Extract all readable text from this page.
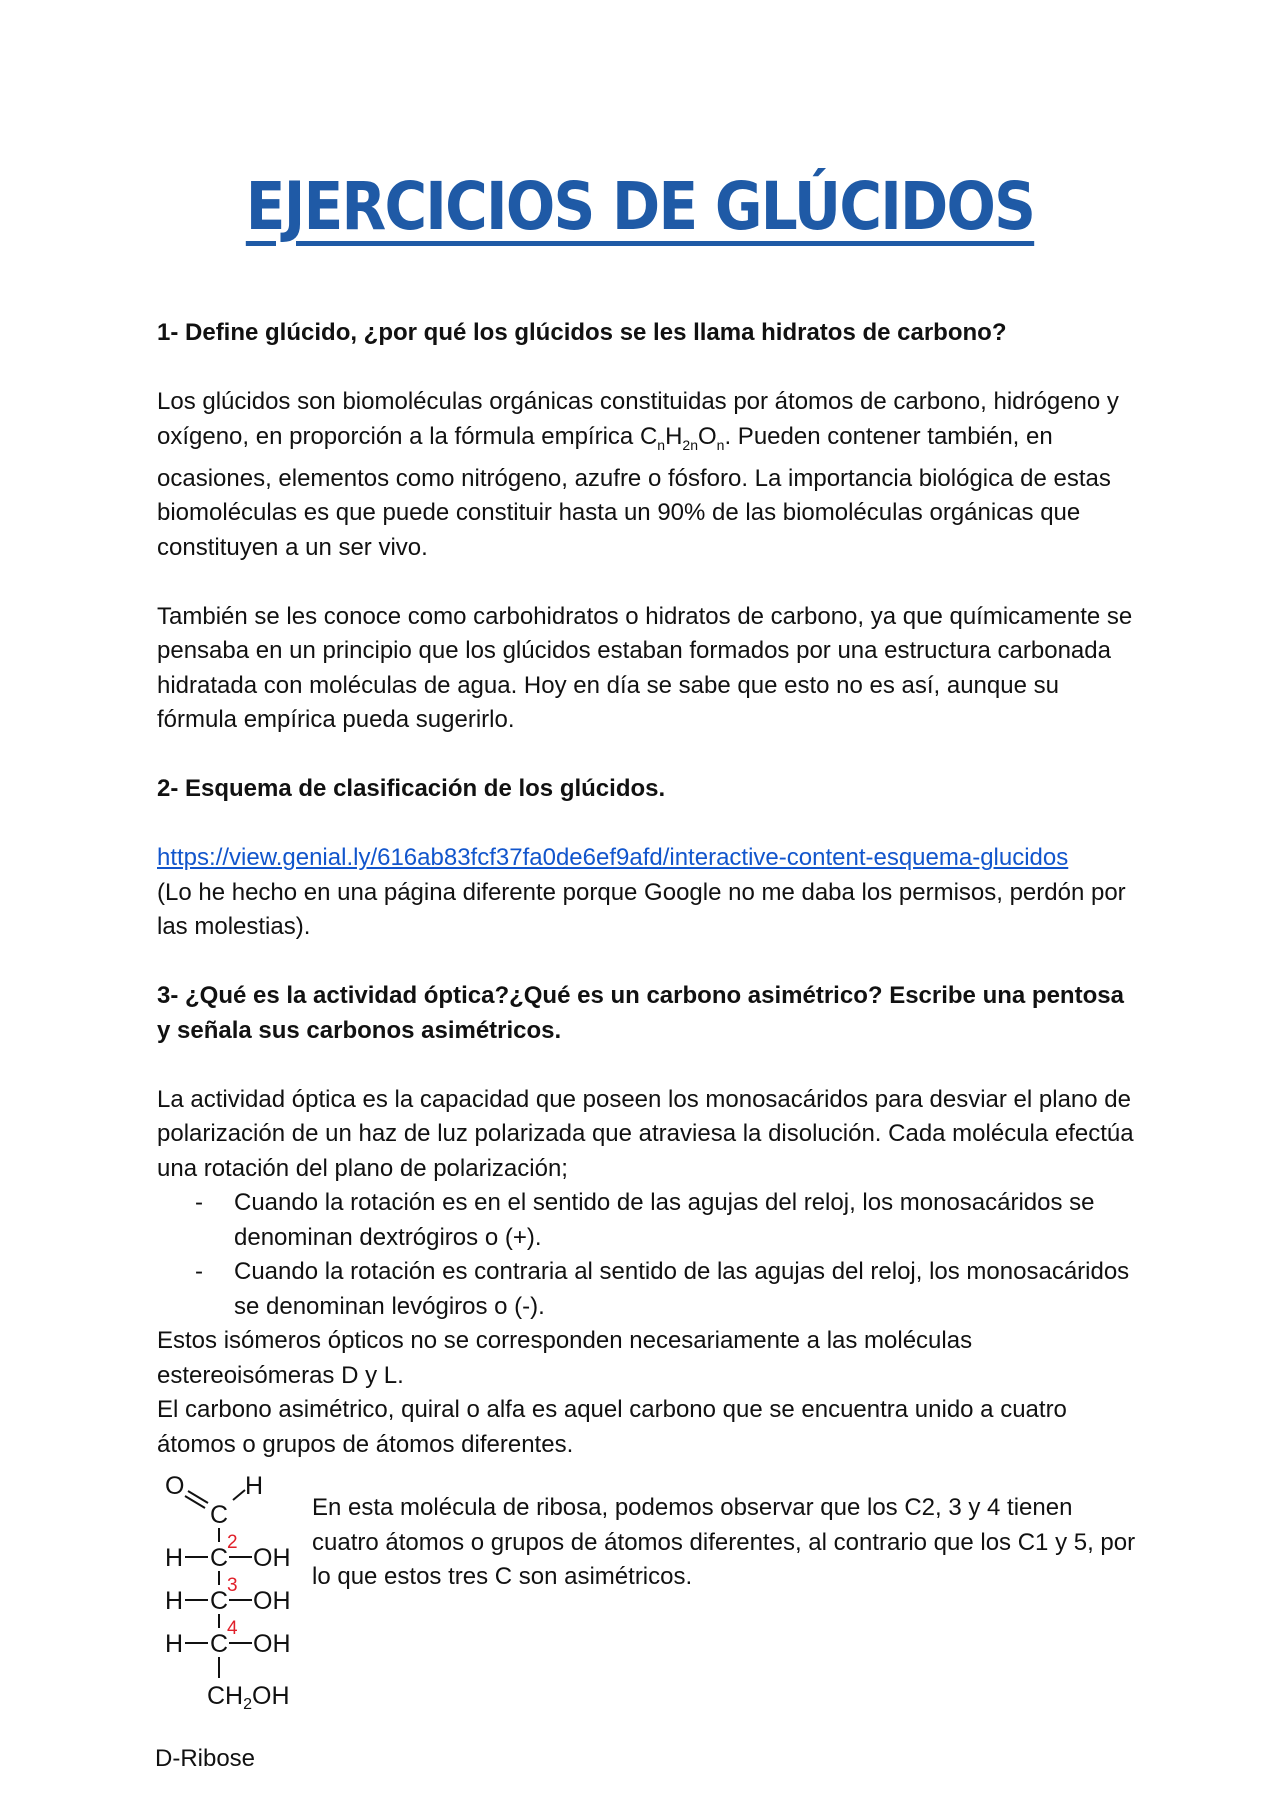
EJERCICIOS DE GLÚCIDOS

1- Define glúcido, ¿por qué los glúcidos se les llama hidratos de carbono?

Los glúcidos son biomoléculas orgánicas constituidas por átomos de carbono, hidrógeno y oxígeno, en proporción a la fórmula empírica $C_nH_{2n}O_n$. Pueden contener también, en ocasiones, elementos como nitrógeno, azufre o fósforo. La importancia biológica de estas biomoléculas es que puede constituir hasta un 90% de las biomoléculas orgánicas que constituyen a un ser vivo.

También se les conoce como carbohidratos o hidratos de carbono, ya que químicamente se pensaba en un principio que los glúcidos estaban formados por una estructura carbonada hidratada con moléculas de agua. Hoy en día se sabe que esto no es así, aunque su fórmula empírica pueda sugerirlo.

2- Esquema de clasificación de los glúcidos.

https://view.genial.ly/616ab83fcf37fa0de6ef9afd/interactive-content-esquema-glucidos

(Lo he hecho en una página diferente porque Google no me daba los permisos, perdón por las molestias).

3- ¿Qué es la actividad óptica?¿Qué es un carbono asimétrico? Escribe una pentosa y señala sus carbonos asimétricos.

La actividad óptica es la capacidad que poseen los monosacáridos para desviar el plano de polarización de un haz de luz polarizada que atraviesa la disolución. Cada molécula efectúa una rotación del plano de polarización;

- Cuando la rotación es en el sentido de las agujas del reloj, los monosacáridos se denominan dextrógiros o (+).
- Cuando la rotación es contraria al sentido de las agujas del reloj, los monosacáridos se denominan levógiros o (-).

Estos isómeros ópticos no se corresponden necesariamente a las moléculas estereoisómeras D y L.

El carbono asimétrico, quiral o alfa es aquel carbono que se encuentra unido a cuatro átomos o grupos de átomos diferentes.

O H
C
H C
2
OH
H C
3
OH
H C
4
OH
$CH_2OH$
D-Ribose

En esta molécula de ribosa, podemos observar que los C2, 3 y 4 tienen cuatro átomos o grupos de átomos diferentes, al contrario que los C1 y 5, por lo que estos tres C son asimétricos.
